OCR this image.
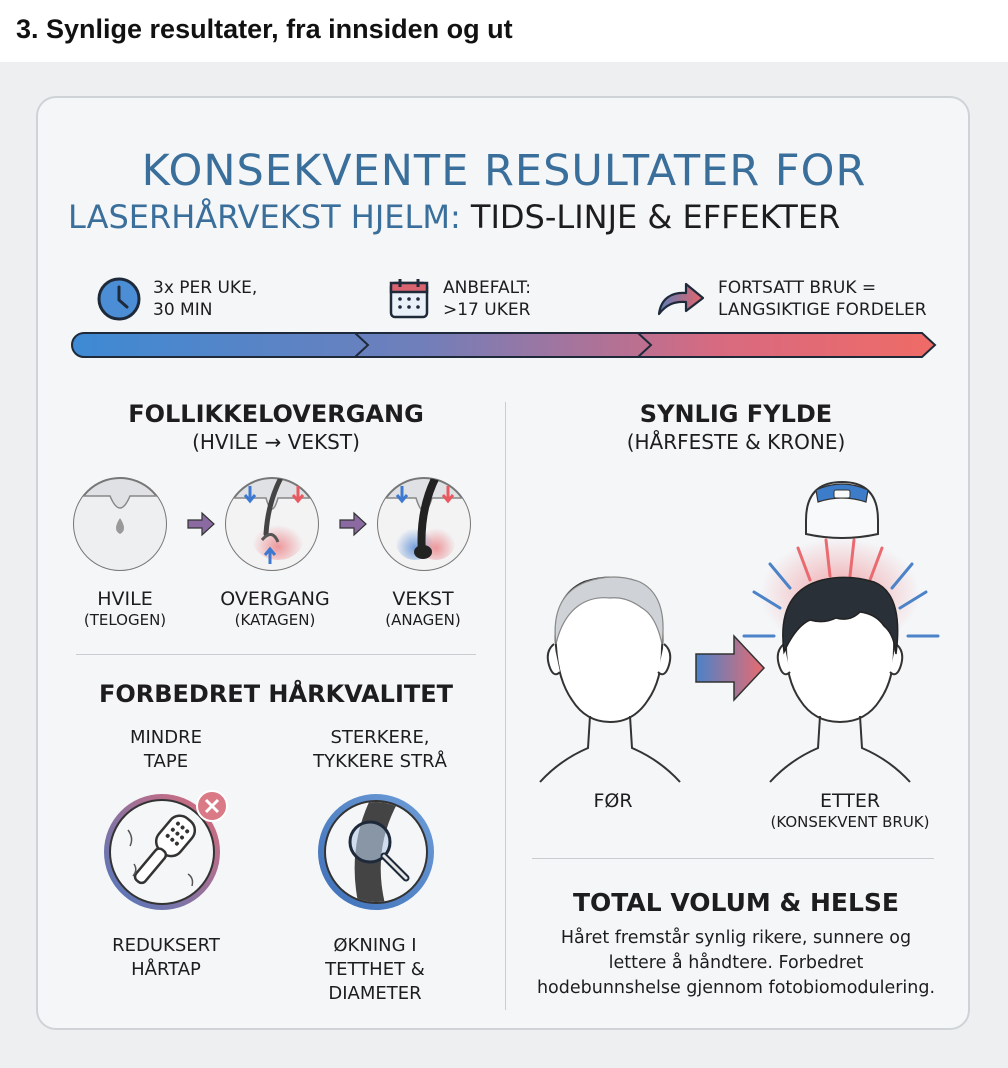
3. Synlige resultater, fra innsiden og ut
KONSEKVENTE RESULTATER FOR
LASERHÅRVEKST HJELM: TIDS-LINJE & EFFEKTER
3x PER UKE,
30 MIN
ANBEFALT:
>17 UKER
FORTSATT BRUK =
LANGSIKTIGE FORDELER
FOLLIKKELOVERGANG
(HVILE → VEKST)
HVILE
(TELOGEN)
OVERGANG
(KATAGEN)
VEKST
(ANAGEN)
FORBEDRET HÅRKVALITET
MINDRE
TAPE
STERKERE,
TYKKERE STRÅ
REDUKSERT
HÅRTAP
ØKNING I
TETTHET &
DIAMETER
SYNLIG FYLDE
(HÅRFESTE & KRONE)
FØR	ETTER
(KONSEKVENT BRUK)
TOTAL VOLUM & HELSE
Håret fremstår synlig rikere, sunnere og
lettere å håndtere. Forbedret
hodebunnshelse gjennom fotobiomodulering.
